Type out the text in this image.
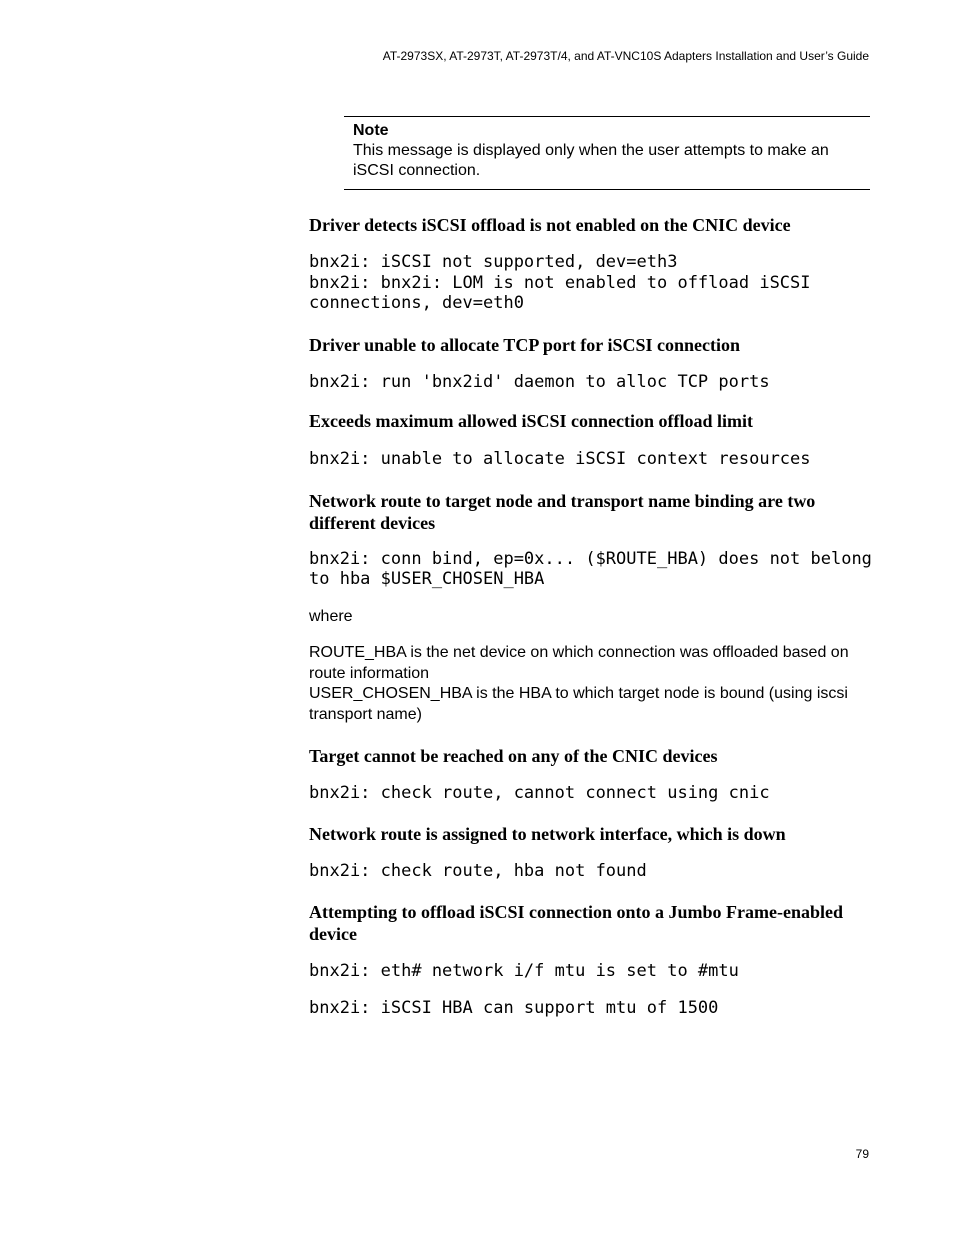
AT-2973SX, AT-2973T, AT-2973T/4, and AT-VNC10S Adapters Installation and User’s Guide
Note
This message is displayed only when the user attempts to make an iSCSI connection.
Driver detects iSCSI offload is not enabled on the CNIC device
bnx2i: iSCSI not supported, dev=eth3
bnx2i: bnx2i: LOM is not enabled to offload iSCSI
connections, dev=eth0
Driver unable to allocate TCP port for iSCSI connection
bnx2i: run 'bnx2id' daemon to alloc TCP ports
Exceeds maximum allowed iSCSI connection offload limit
bnx2i: unable to allocate iSCSI context resources
Network route to target node and transport name binding are two different devices
bnx2i: conn bind, ep=0x... ($ROUTE_HBA) does not belong
to hba $USER_CHOSEN_HBA
where
ROUTE_HBA is the net device on which connection was offloaded based on route information
USER_CHOSEN_HBA is the HBA to which target node is bound (using iscsi transport name)
Target cannot be reached on any of the CNIC devices
bnx2i: check route, cannot connect using cnic
Network route is assigned to network interface, which is down
bnx2i: check route, hba not found
Attempting to offload iSCSI connection onto a Jumbo Frame-enabled device
bnx2i: eth# network i/f mtu is set to #mtu
bnx2i: iSCSI HBA can support mtu of 1500
79
